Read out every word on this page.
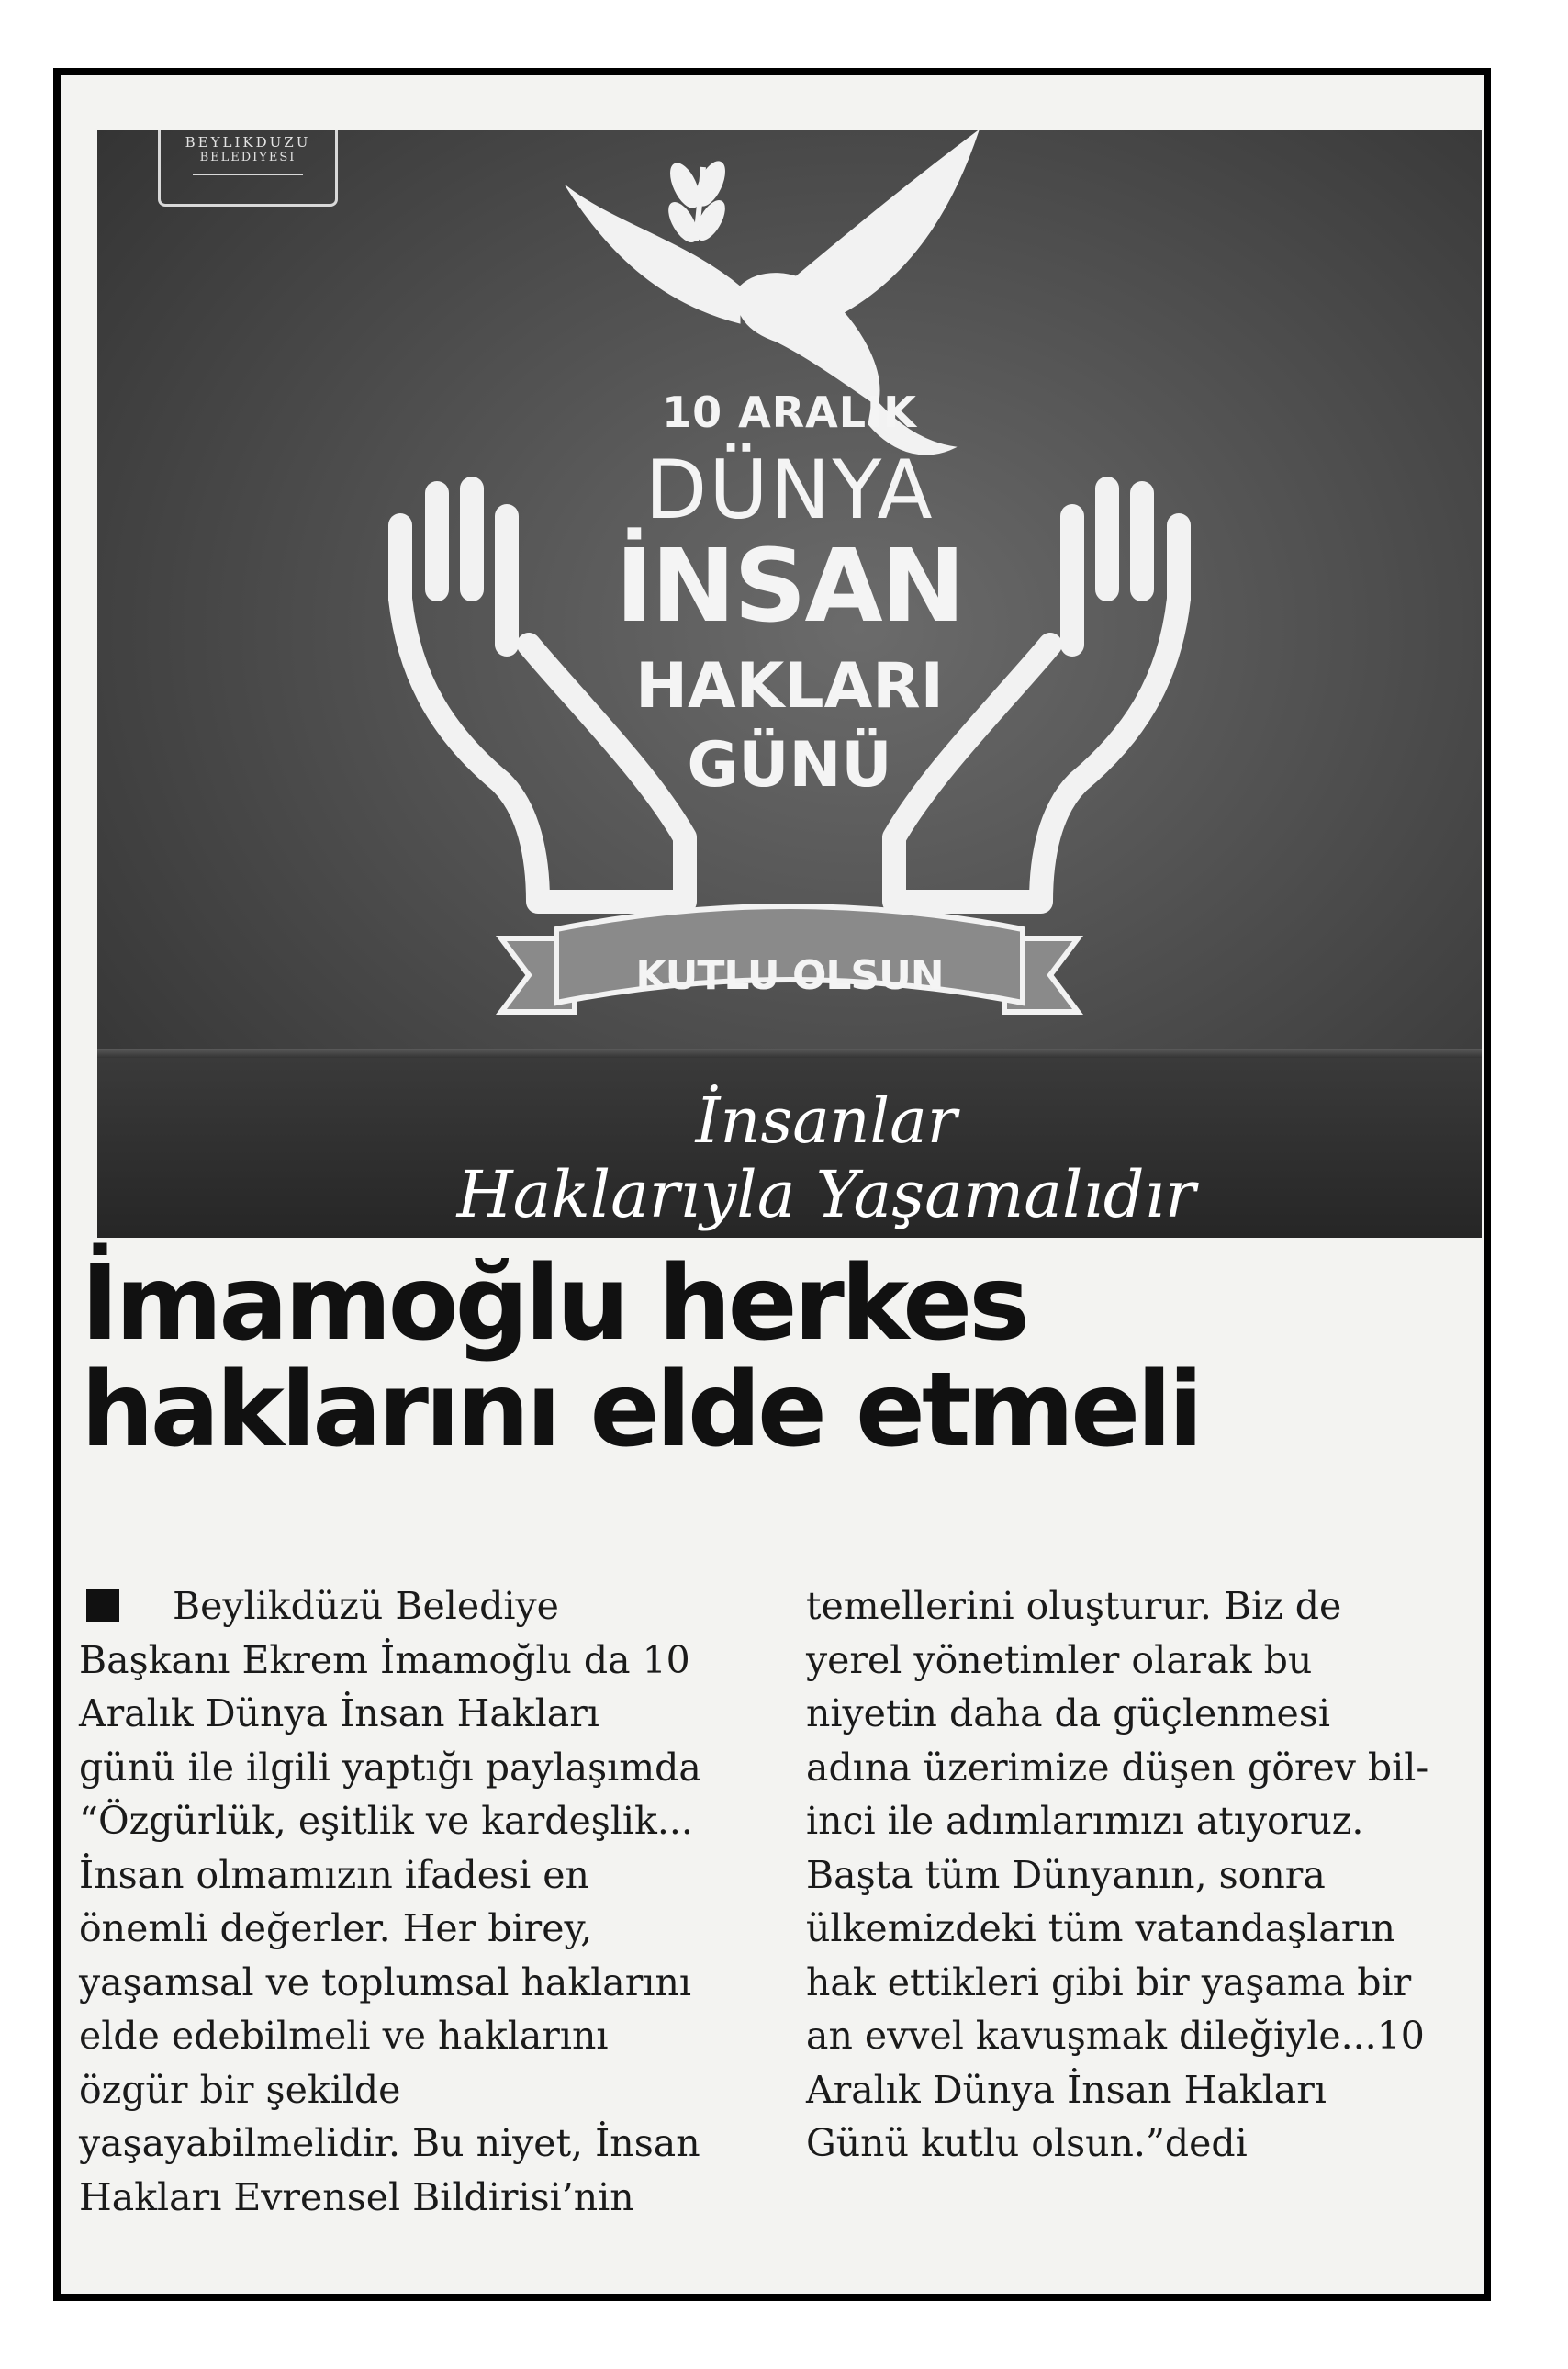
BEYLIKDUZU
BELEDIYESI
10 ARALIK
DÜNYA
İNSAN
HAKLARI
GÜNÜ
KUTLU OLSUN
İnsanlar
Haklarıyla Yaşamalıdır
İmamoğlu herkes
haklarını elde etmeli
Beylikdüzü Belediye
Başkanı Ekrem İmamoğlu da 10
Aralık Dünya İnsan Hakları
günü ile ilgili yaptığı paylaşımda
“Özgürlük, eşitlik ve kardeşlik...
İnsan olmamızın ifadesi en
önemli değerler. Her birey,
yaşamsal ve toplumsal haklarını
elde edebilmeli ve haklarını
özgür bir şekilde
yaşayabilmelidir. Bu niyet, İnsan
Hakları Evrensel Bildirisi’nin
temellerini oluşturur. Biz de
yerel yönetimler olarak bu
niyetin daha da güçlenmesi
adına üzerimize düşen görev bil-
inci ile adımlarımızı atıyoruz.
Başta tüm Dünyanın, sonra
ülkemizdeki tüm vatandaşların
hak ettikleri gibi bir yaşama bir
an evvel kavuşmak dileğiyle...10
Aralık Dünya İnsan Hakları
Günü kutlu olsun.”dedi
